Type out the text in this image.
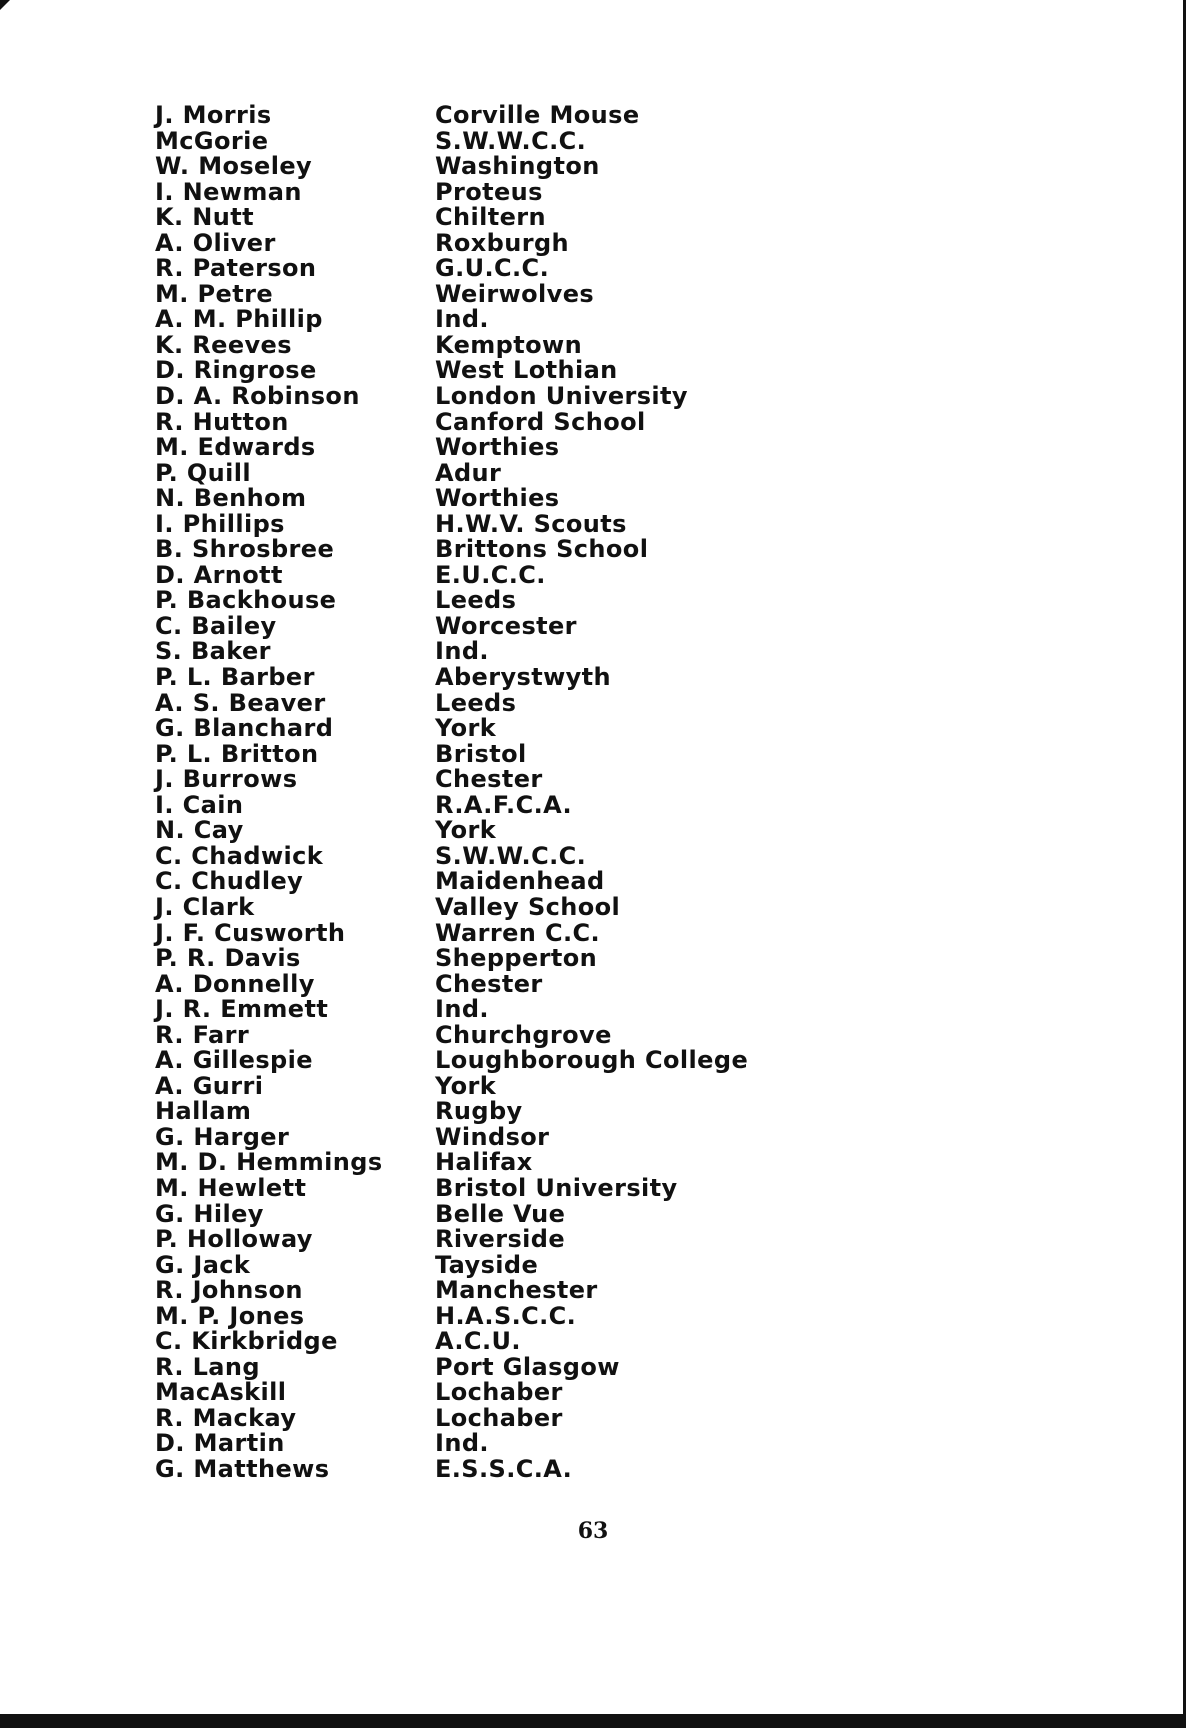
J. Morris	Corville Mouse
McGorie	S.W.W.C.C.
W. Moseley	Washington
I. Newman	Proteus
K. Nutt	Chiltern
A. Oliver	Roxburgh
R. Paterson	G.U.C.C.
M. Petre	Weirwolves
A. M. Phillip	Ind.
K. Reeves	Kemptown
D. Ringrose	West Lothian
D. A. Robinson	London University
R. Hutton	Canford School
M. Edwards	Worthies
P. Quill	Adur
N. Benhom	Worthies
I. Phillips	H.W.V. Scouts
B. Shrosbree	Brittons School
D. Arnott	E.U.C.C.
P. Backhouse	Leeds
C. Bailey	Worcester
S. Baker	Ind.
P. L. Barber	Aberystwyth
A. S. Beaver	Leeds
G. Blanchard	York
P. L. Britton	Bristol
J. Burrows	Chester
I. Cain	R.A.F.C.A.
N. Cay	York
C. Chadwick	S.W.W.C.C.
C. Chudley	Maidenhead
J. Clark	Valley School
J. F. Cusworth	Warren C.C.
P. R. Davis	Shepperton
A. Donnelly	Chester
J. R. Emmett	Ind.
R. Farr	Churchgrove
A. Gillespie	Loughborough College
A. Gurri	York
Hallam	Rugby
G. Harger	Windsor
M. D. Hemmings	Halifax
M. Hewlett	Bristol University
G. Hiley	Belle Vue
P. Holloway	Riverside
G. Jack	Tayside
R. Johnson	Manchester
M. P. Jones	H.A.S.C.C.
C. Kirkbridge	A.C.U.
R. Lang	Port Glasgow
MacAskill	Lochaber
R. Mackay	Lochaber
D. Martin	Ind.
G. Matthews	E.S.S.C.A.
63
